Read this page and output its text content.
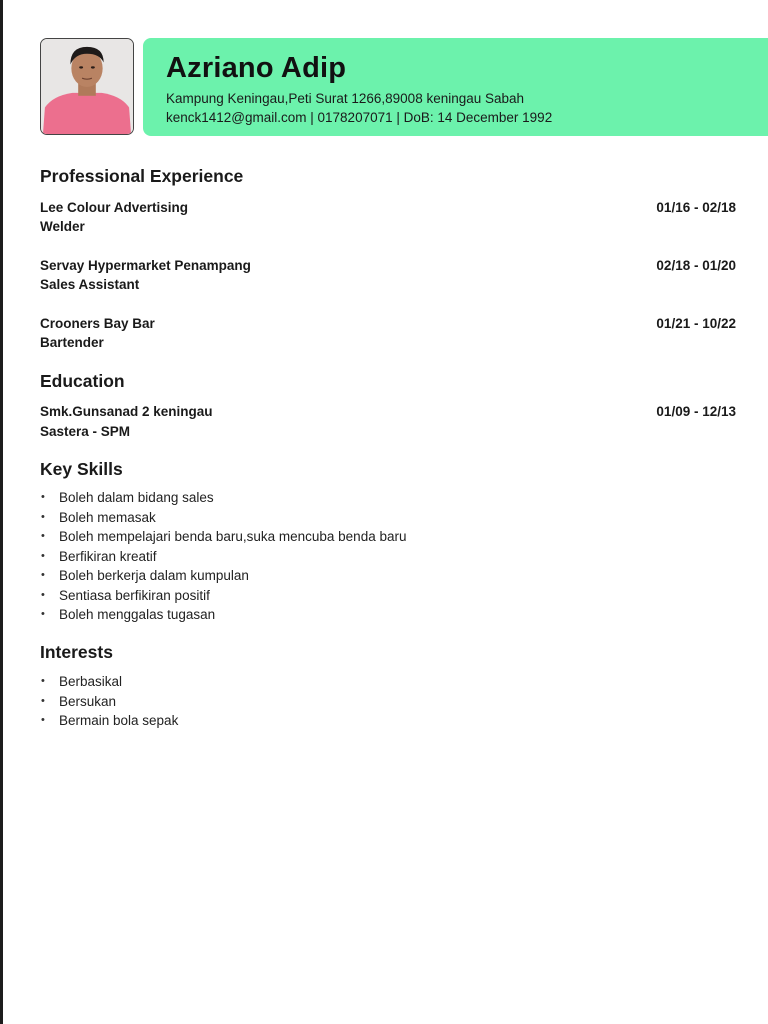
Azriano Adip
Kampung Keningau,Peti Surat 1266,89008 keningau Sabah
kenck1412@gmail.com | 0178207071 | DoB: 14 December 1992
Professional Experience
Lee Colour Advertising	01/16 - 02/18
Welder
Servay Hypermarket Penampang	02/18 - 01/20
Sales Assistant
Crooners Bay Bar	01/21 - 10/22
Bartender
Education
Smk.Gunsanad 2 keningau	01/09 - 12/13
Sastera - SPM
Key Skills
• Boleh dalam bidang sales
• Boleh memasak
• Boleh mempelajari benda baru,suka mencuba benda baru
• Berfikiran kreatif
• Boleh berkerja dalam kumpulan
• Sentiasa berfikiran positif
• Boleh menggalas tugasan
Interests
• Berbasikal
• Bersukan
• Bermain bola sepak
